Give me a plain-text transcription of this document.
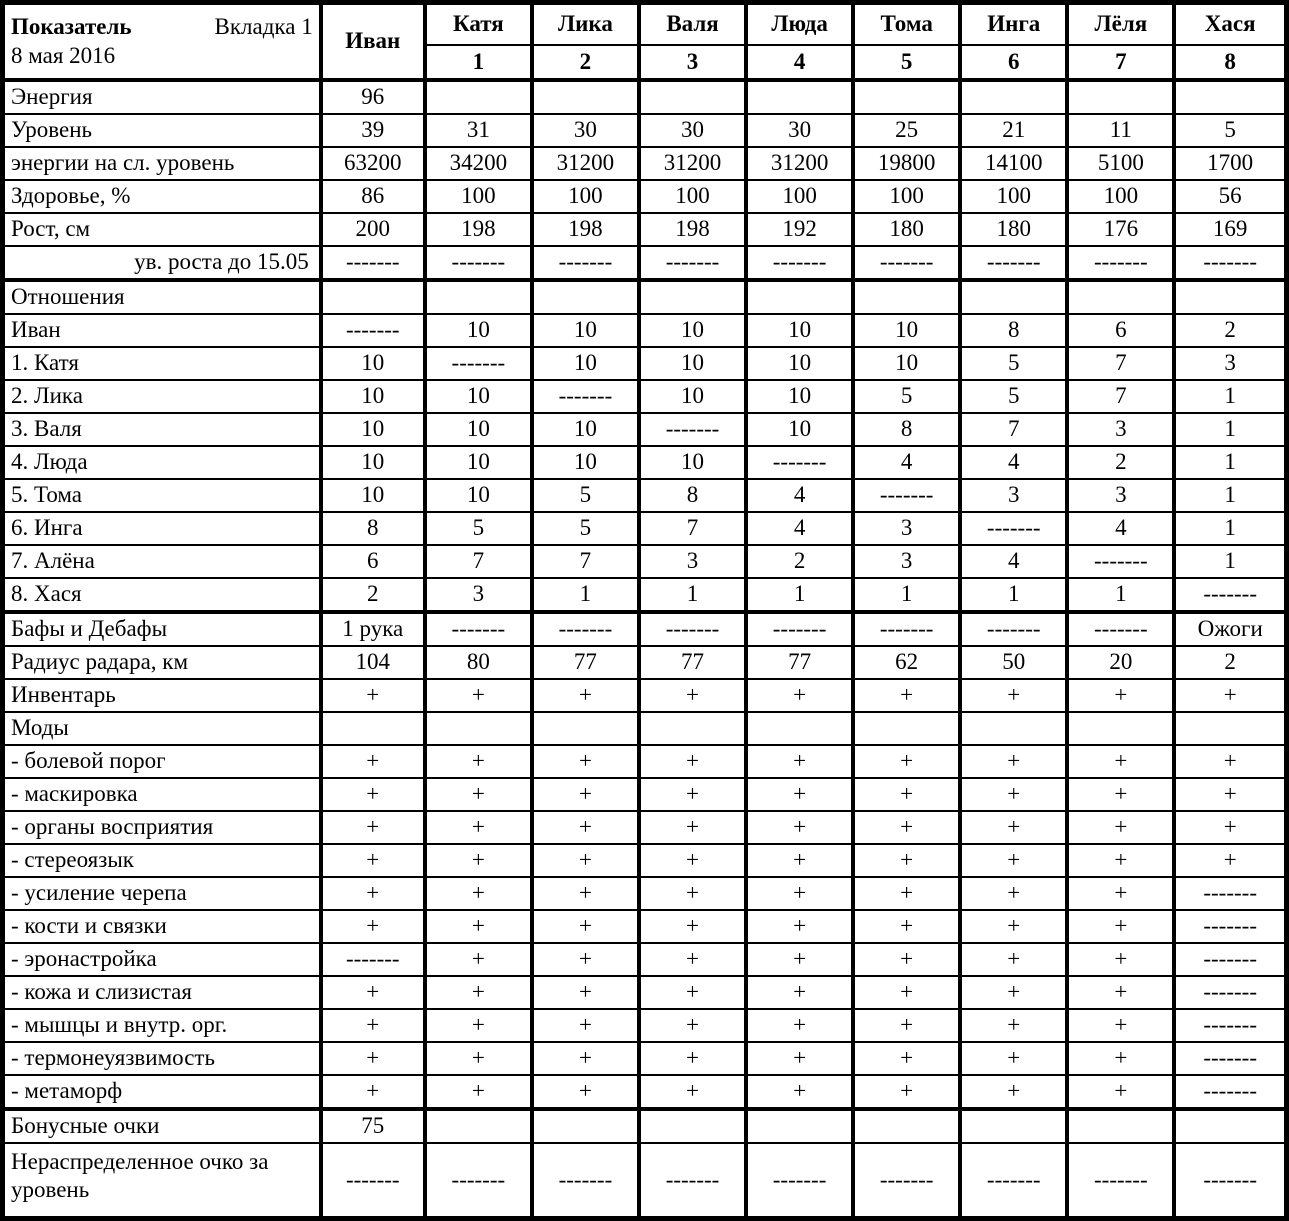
Показатель Вкладка 1
8 мая 2016	Иван	Катя	Лика	Валя	Люда	Тома	Инга	Лёля	Хася
		1	2	3	4	5	6	7	8
Энергия	96								
Уровень	39	31	30	30	30	25	21	11	5
энергии на сл. уровень	63200	34200	31200	31200	31200	19800	14100	5100	1700
Здоровье, %	86	100	100	100	100	100	100	100	56
Рост, см	200	198	198	198	192	180	180	176	169
ув. роста до 15.05	-------	-------	-------	-------	-------	-------	-------	-------	-------
Отношения									
Иван	-------	10	10	10	10	10	8	6	2
1. Катя	10	-------	10	10	10	10	5	7	3
2. Лика	10	10	-------	10	10	5	5	7	1
3. Валя	10	10	10	-------	10	8	7	3	1
4. Люда	10	10	10	10	-------	4	4	2	1
5. Тома	10	10	5	8	4	-------	3	3	1
6. Инга	8	5	5	7	4	3	-------	4	1
7. Алёна	6	7	7	3	2	3	4	-------	1
8. Хася	2	3	1	1	1	1	1	1	-------
Бафы и Дебафы	1 рука	-------	-------	-------	-------	-------	-------	-------	Ожоги
Радиус радара, км	104	80	77	77	77	62	50	20	2
Инвентарь	+	+	+	+	+	+	+	+	+
Моды									
- болевой порог	+	+	+	+	+	+	+	+	+
- маскировка	+	+	+	+	+	+	+	+	+
- органы восприятия	+	+	+	+	+	+	+	+	+
- стереоязык	+	+	+	+	+	+	+	+	+
- усиление черепа	+	+	+	+	+	+	+	+	-------
- кости и связки	+	+	+	+	+	+	+	+	-------
- эронастройка	-------	+	+	+	+	+	+	+	-------
- кожа и слизистая	+	+	+	+	+	+	+	+	-------
- мышцы и внутр. орг.	+	+	+	+	+	+	+	+	-------
- термонеуязвимость	+	+	+	+	+	+	+	+	-------
- метаморф	+	+	+	+	+	+	+	+	-------
Бонусные очки	75								
Нераспределенное очко за уровень	-------	-------	-------	-------	-------	-------	-------	-------	-------
